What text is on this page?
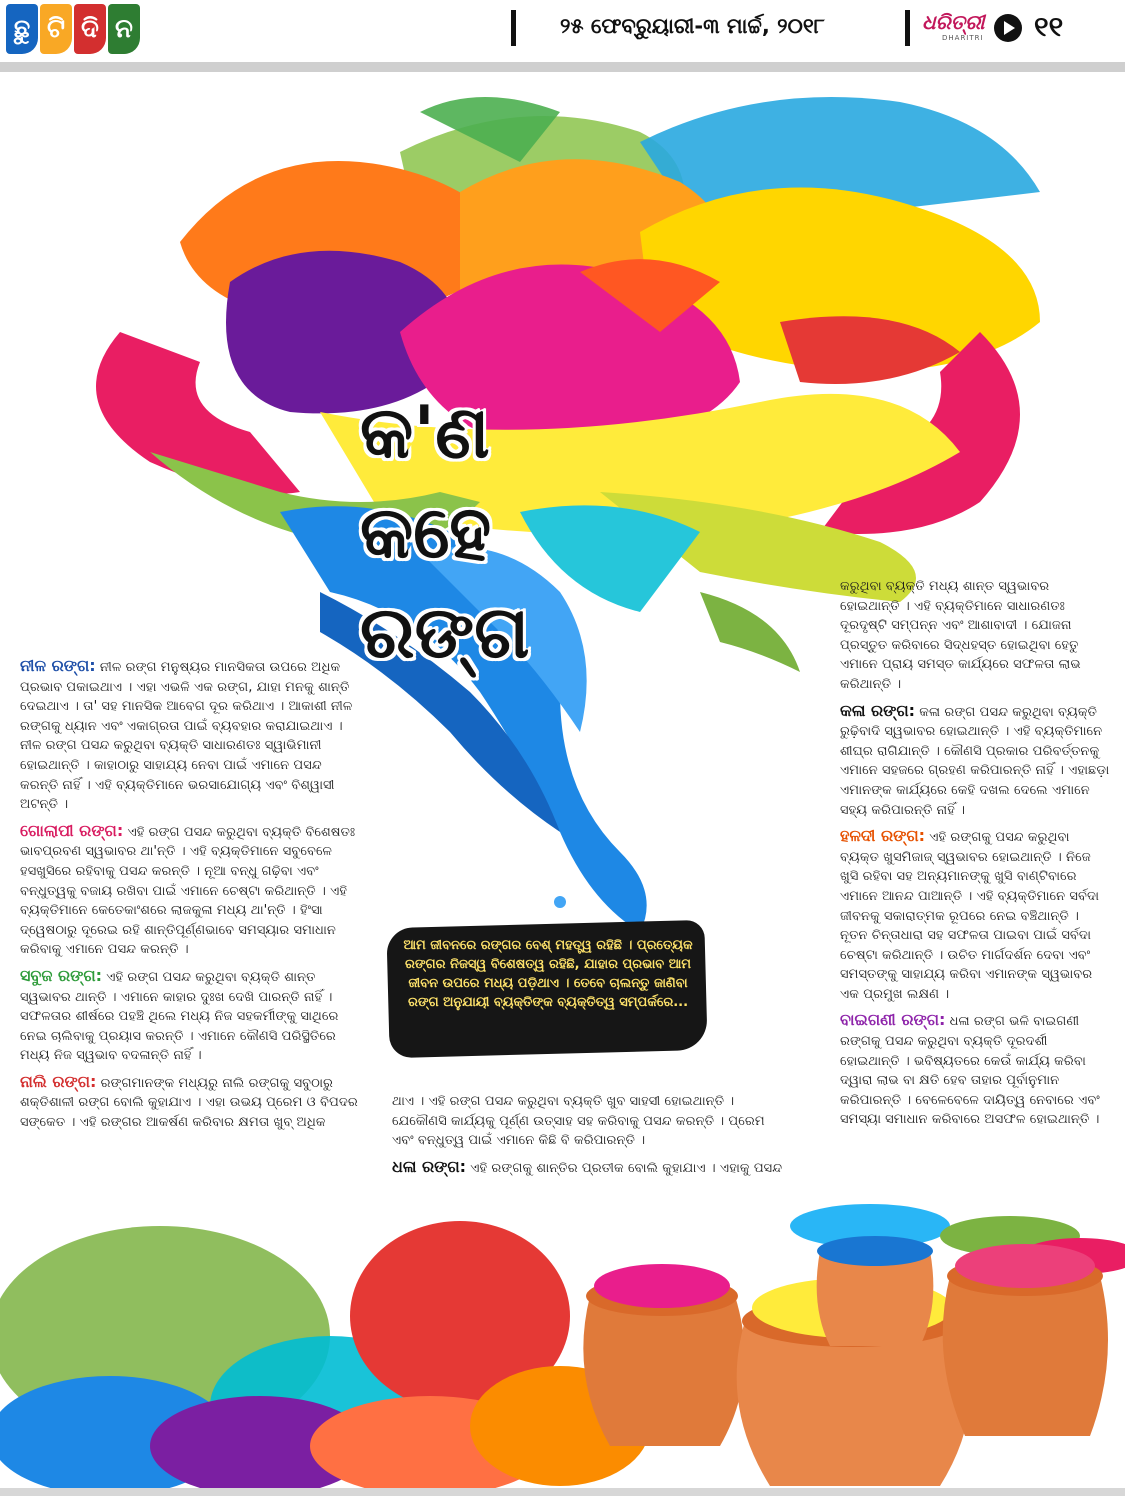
ଛୁ ଟି ଦି ନ	୨୫ ଫେବ୍ରୁୟାରୀ-୩ ମାର୍ଚ୍ଚ, ୨୦୧୮	ଧରିତ୍ରୀ
DHARITRI ୧୧
କ'ଣ
କହେ
ରଙ୍ଗ

ନୀଳ ରଙ୍ଗ: ନୀଳ ରଙ୍ଗ ମନୁଷ୍ୟର ମାନସିକତା ଉପରେ ଅଧିକ ପ୍ରଭାବ ପକାଇଥାଏ । ଏହା ଏଭଳି ଏକ ରଙ୍ଗ, ଯାହା ମନକୁ ଶାନ୍ତି ଦେଇଥାଏ । ତା' ସହ ମାନସିକ ଆବେଗ ଦୂର କରିଥାଏ । ଆକାଶୀ ନୀଳ ରଙ୍ଗକୁ ଧ୍ୟାନ ଏବଂ ଏକାଗ୍ରତା ପାଇଁ ବ୍ୟବହାର କରାଯାଇଥାଏ । ନୀଳ ରଙ୍ଗ ପସନ୍ଦ କରୁଥିବା ବ୍ୟକ୍ତି ସାଧାରଣତଃ ସ୍ୱାଭିମାନୀ ହୋଇଥାନ୍ତି । କାହାଠାରୁ ସାହାଯ୍ୟ ନେବା ପାଇଁ ଏମାନେ ପସନ୍ଦ କରନ୍ତି ନାହିଁ । ଏହି ବ୍ୟକ୍ତିମାନେ ଭରସାଯୋଗ୍ୟ ଏବଂ ବିଶ୍ୱାସୀ ଅଟନ୍ତି ।

ଗୋଲାପୀ ରଙ୍ଗ: ଏହି ରଙ୍ଗ ପସନ୍ଦ କରୁଥିବା ବ୍ୟକ୍ତି ବିଶେଷତଃ ଭାବପ୍ରବଣ ସ୍ୱଭାବର ଥା'ନ୍ତି । ଏହି ବ୍ୟକ୍ତିମାନେ ସବୁବେଳେ ହସଖୁସିରେ ରହିବାକୁ ପସନ୍ଦ କରନ୍ତି । ନୂଆ ବନ୍ଧୁ ଗଢ଼ିବା ଏବଂ ବନ୍ଧୁତ୍ୱକୁ ବଜାୟ ରଖିବା ପାଇଁ ଏମାନେ ଚେଷ୍ଟା କରିଥାନ୍ତି । ଏହି ବ୍ୟକ୍ତିମାନେ କେତେକାଂଶରେ ଲାଜକୁଳା ମଧ୍ୟ ଥା'ନ୍ତି । ହିଂସା ଦ୍ୱେଷଠାରୁ ଦୂରେଇ ରହି ଶାନ୍ତିପୂର୍ଣ୍ଣଭାବେ ସମସ୍ୟାର ସମାଧାନ କରିବାକୁ ଏମାନେ ପସନ୍ଦ କରନ୍ତି ।

ସବୁଜ ରଙ୍ଗ: ଏହି ରଙ୍ଗ ପସନ୍ଦ କରୁଥିବା ବ୍ୟକ୍ତି ଶାନ୍ତ ସ୍ୱଭାବର ଥାନ୍ତି । ଏମାନେ କାହାର ଦୁଃଖ ଦେଖି ପାରନ୍ତି ନାହିଁ । ସଫଳତାର ଶୀର୍ଷରେ ପହଞ୍ଚି ଥିଲେ ମଧ୍ୟ ନିଜ ସହକର୍ମୀଙ୍କୁ ସାଥିରେ ନେଇ ଚାଲିବାକୁ ପ୍ରୟାସ କରନ୍ତି । ଏମାନେ କୌଣସି ପରିସ୍ଥିତିରେ ମଧ୍ୟ ନିଜ ସ୍ୱଭାବ ବଦଳାନ୍ତି ନାହିଁ ।

ନାଲି ରଙ୍ଗ: ରଙ୍ଗମାନଙ୍କ ମଧ୍ୟରୁ ନାଲି ରଙ୍ଗକୁ ସବୁଠାରୁ ଶକ୍ତିଶାଳୀ ରଙ୍ଗ ବୋଲି କୁହାଯାଏ । ଏହା ଉଭୟ ପ୍ରେମ ଓ ବିପଦର ସଙ୍କେତ । ଏହି ରଙ୍ଗର ଆକର୍ଷଣ କରିବାର କ୍ଷମତା ଖୁବ୍ ଅଧିକ

ଆମ ଜୀବନରେ ରଙ୍ଗର ବେଶ୍ ମହତ୍ତ୍ୱ ରହିଛି । ପ୍ରତ୍ୟେକ ରଙ୍ଗର ନିଜସ୍ୱ ବିଶେଷତ୍ୱ ରହିଛି, ଯାହାର ପ୍ରଭାବ ଆମ ଜୀବନ ଉପରେ ମଧ୍ୟ ପଡ଼ିଥାଏ । ତେବେ ଚାଲନ୍ତୁ ଜାଣିବା ରଙ୍ଗ ଅନୁଯାୟୀ ବ୍ୟକ୍ତିଙ୍କ ବ୍ୟକ୍ତିତ୍ୱ ସମ୍ପର୍କରେ...

ଥାଏ । ଏହି ରଙ୍ଗ ପସନ୍ଦ କରୁଥିବା ବ୍ୟକ୍ତି ଖୁବ ସାହସୀ ହୋଇଥାନ୍ତି । ଯେକୌଣସି କାର୍ଯ୍ୟକୁ ପୂର୍ଣ୍ଣ ଉତ୍ସାହ ସହ କରିବାକୁ ପସନ୍ଦ କରନ୍ତି । ପ୍ରେମ ଏବଂ ବନ୍ଧୁତ୍ୱ ପାଇଁ ଏମାନେ କିଛି ବି କରିପାରନ୍ତି ।

ଧଳା ରଙ୍ଗ: ଏହି ରଙ୍ଗକୁ ଶାନ୍ତିର ପ୍ରତୀକ ବୋଲି କୁହାଯାଏ । ଏହାକୁ ପସନ୍ଦ

କରୁଥିବା ବ୍ୟକ୍ତି ମଧ୍ୟ ଶାନ୍ତ ସ୍ୱଭାବର ହୋଇଥାନ୍ତି । ଏହି ବ୍ୟକ୍ତିମାନେ ସାଧାରଣତଃ ଦୂରଦୃଷ୍ଟି ସମ୍ପନ୍ନ ଏବଂ ଆଶାବାଦୀ । ଯୋଜନା ପ୍ରସ୍ତୁତ କରିବାରେ ସିଦ୍ଧହସ୍ତ ହୋଇଥିବା ହେତୁ ଏମାନେ ପ୍ରାୟ ସମସ୍ତ କାର୍ଯ୍ୟରେ ସଫଳତା ଲାଭ କରିଥାନ୍ତି ।

କଳା ରଙ୍ଗ: କଳା ରଙ୍ଗ ପସନ୍ଦ କରୁଥିବା ବ୍ୟକ୍ତି ରୁଢ଼ିବାଦି ସ୍ୱଭାବର ହୋଇଥାନ୍ତି । ଏହି ବ୍ୟକ୍ତିମାନେ ଶୀଘ୍ର ରାଗିଯାନ୍ତି । କୌଣସି ପ୍ରକାର ପରିବର୍ତ୍ତନକୁ ଏମାନେ ସହଜରେ ଗ୍ରହଣ କରିପାରନ୍ତି ନାହିଁ । ଏହାଛଡ଼ା ଏମାନଙ୍କ କାର୍ଯ୍ୟରେ କେହି ଦଖଲ ଦେଲେ ଏମାନେ ସହ୍ୟ କରିପାରନ୍ତି ନାହିଁ ।

ହଳଦୀ ରଙ୍ଗ: ଏହି ରଙ୍ଗକୁ ପସନ୍ଦ କରୁଥିବା ବ୍ୟକ୍ତ ଖୁସମିଜାଜ୍ ସ୍ୱଭାବର ହୋଇଥାନ୍ତି । ନିଜେ ଖୁସି ରହିବା ସହ ଅନ୍ୟମାନଙ୍କୁ ଖୁସି ବାଣ୍ଟିବାରେ ଏମାନେ ଆନନ୍ଦ ପାଆନ୍ତି । ଏହି ବ୍ୟକ୍ତିମାନେ ସର୍ବଦା ଜୀବନକୁ ସକାରାତ୍ମକ ରୂପରେ ନେଇ ବଞ୍ଚିଥାନ୍ତି । ନୂତନ ଚିନ୍ତାଧାରା ସହ ସଫଳତା ପାଇବା ପାଇଁ ସର୍ବଦା ଚେଷ୍ଟା କରିଥାନ୍ତି । ଉଚିତ ମାର୍ଗଦର୍ଶନ ଦେବା ଏବଂ ସମସ୍ତଙ୍କୁ ସାହାଯ୍ୟ କରିବା ଏମାନଙ୍କ ସ୍ୱଭାବର ଏକ ପ୍ରମୁଖ ଲକ୍ଷଣ ।

ବାଇଗଣୀ ରଙ୍ଗ: ଧଳା ରଙ୍ଗ ଭଳି ବାଇଗଣୀ ରଙ୍ଗକୁ ପସନ୍ଦ କରୁଥିବା ବ୍ୟକ୍ତି ଦୂରଦର୍ଶୀ ହୋଇଥାନ୍ତି । ଭବିଷ୍ୟତରେ କେଉଁ କାର୍ଯ୍ୟ କରିବା ଦ୍ୱାରା ଲାଭ ବା କ୍ଷତି ହେବ ତାହାର ପୂର୍ବାନୁମାନ କରିପାରନ୍ତି । ବେଳେବେଳେ ଦାୟିତ୍ୱ ନେବାରେ ଏବଂ ସମସ୍ୟା ସମାଧାନ କରିବାରେ ଅସଫଳ ହୋଇଥାନ୍ତି ।
